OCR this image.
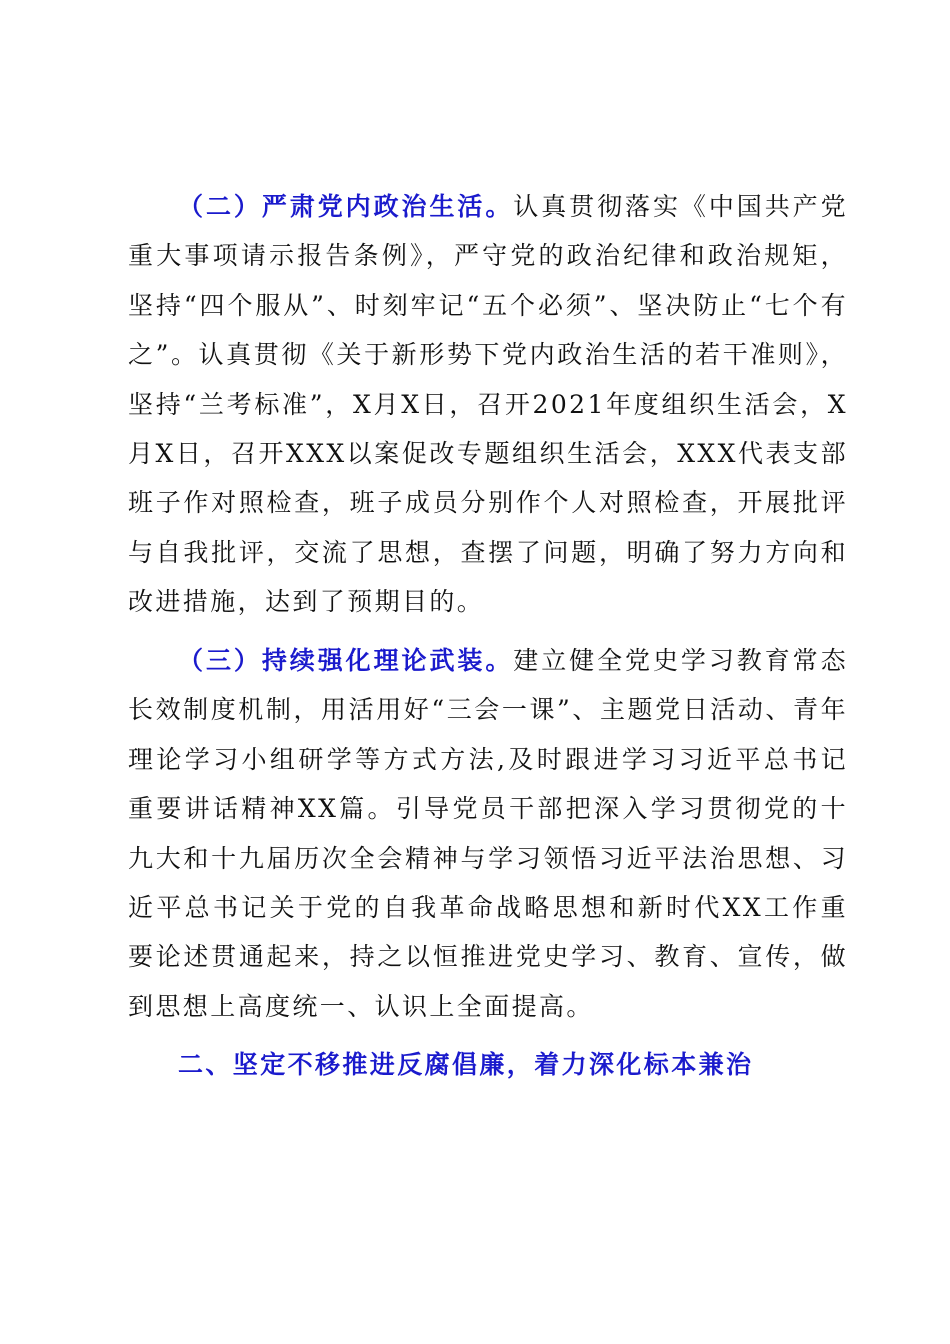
（二）严肃党内政治生活。认真贯彻落实《中国共产党重大事项请示报告条例》，严守党的政治纪律和政治规矩，坚持“四个服从”、时刻牢记“五个必须”、坚决防止“七个有之”。认真贯彻《关于新形势下党内政治生活的若干准则》，坚持“兰考标准”，X月X日，召开2021年度组织生活会，X月X日，召开XXX以案促改专题组织生活会，XXX代表支部班子作对照检查，班子成员分别作个人对照检查，开展批评与自我批评，交流了思想，查摆了问题，明确了努力方向和改进措施，达到了预期目的。

（三）持续强化理论武装。建立健全党史学习教育常态长效制度机制，用活用好“三会一课”、主题党日活动、青年理论学习小组研学等方式方法,及时跟进学习习近平总书记重要讲话精神XX篇。引导党员干部把深入学习贯彻党的十九大和十九届历次全会精神与学习领悟习近平法治思想、习近平总书记关于党的自我革命战略思想和新时代XX工作重要论述贯通起来，持之以恒推进党史学习、教育、宣传，做到思想上高度统一、认识上全面提高。

二、坚定不移推进反腐倡廉，着力深化标本兼治
